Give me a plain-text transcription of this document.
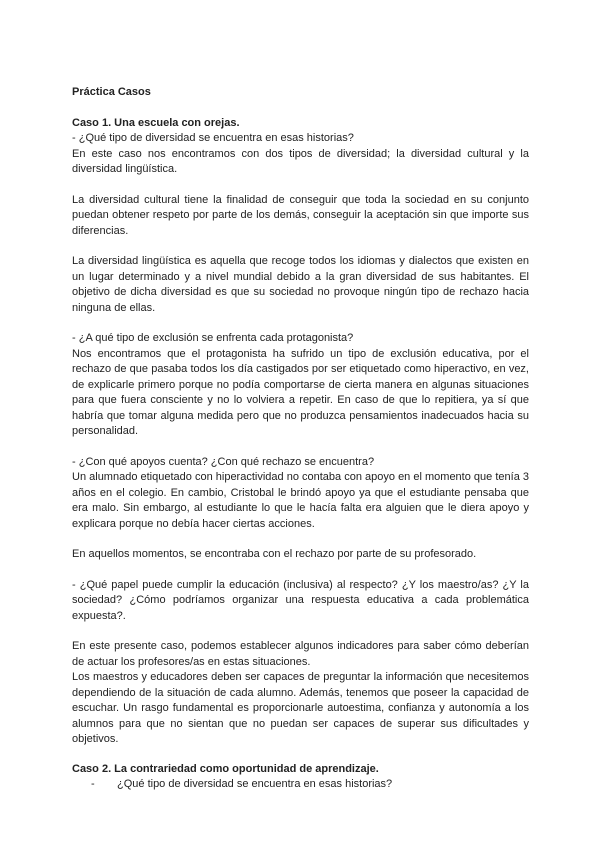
Práctica Casos

Caso 1. Una escuela con orejas.

- ¿Qué tipo de diversidad se encuentra en esas historias?

En este caso nos encontramos con dos tipos de diversidad; la diversidad cultural y la diversidad lingüística.

La diversidad cultural tiene la finalidad de conseguir que toda la sociedad en su conjunto puedan obtener respeto por parte de los demás, conseguir la aceptación sin que importe sus diferencias.

La diversidad lingüística es aquella que recoge todos los idiomas y dialectos que existen en un lugar determinado y a nivel mundial debido a la gran diversidad de sus habitantes. El objetivo de dicha diversidad es que su sociedad no provoque ningún tipo de rechazo hacia ninguna de ellas.

- ¿A qué tipo de exclusión se enfrenta cada protagonista?

Nos encontramos que el protagonista ha sufrido un tipo de exclusión educativa, por el rechazo de que pasaba todos los día castigados por ser etiquetado como hiperactivo, en vez, de explicarle primero porque no podía comportarse de cierta manera en algunas situaciones para que fuera consciente y no lo volviera a repetir. En caso de que lo repitiera, ya sí que habría que tomar alguna medida pero que no produzca pensamientos inadecuados hacia su personalidad.

- ¿Con qué apoyos cuenta? ¿Con qué rechazo se encuentra?

Un alumnado etiquetado con hiperactividad no contaba con apoyo en el momento que tenía 3 años en el colegio. En cambio, Cristobal le brindó apoyo ya que el estudiante pensaba que era malo. Sin embargo, al estudiante lo que le hacía falta era alguien que le diera apoyo y explicara porque no debía hacer ciertas acciones.

En aquellos momentos, se encontraba con el rechazo por parte de su profesorado.

- ¿Qué papel puede cumplir la educación (inclusiva) al respecto? ¿Y los maestro/as? ¿Y la sociedad? ¿Cómo podríamos organizar una respuesta educativa a cada problemática expuesta?.

En este presente caso, podemos establecer algunos indicadores para saber cómo deberían de actuar los profesores/as en estas situaciones.

Los maestros y educadores deben ser capaces de preguntar la información que necesitemos dependiendo de la situación de cada alumno. Además, tenemos que poseer la capacidad de escuchar. Un rasgo fundamental es proporcionarle autoestima, confianza y autonomía a los alumnos para que no sientan que no puedan ser capaces de superar sus dificultades y objetivos.

Caso 2. La contrariedad como oportunidad de aprendizaje.

- ¿Qué tipo de diversidad se encuentra en esas historias?
